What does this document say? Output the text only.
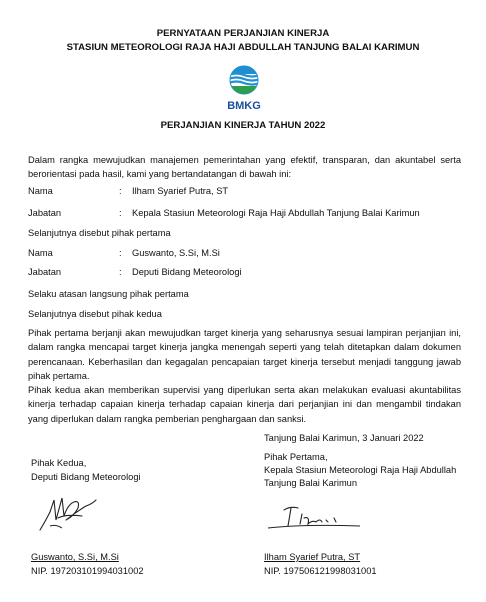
PERNYATAAN PERJANJIAN KINERJA
STASIUN METEOROLOGI RAJA HAJI ABDULLAH TANJUNG BALAI KARIMUN
BMKG
PERJANJIAN KINERJA TAHUN 2022
Dalam rangka mewujudkan manajemen pemerintahan yang efektif, transparan, dan akuntabel serta berorientasi pada hasil, kami yang bertandatangan di bawah ini:
Nama	: Ilham Syarief Putra, ST
Jabatan	: Kepala Stasiun Meteorologi Raja Haji Abdullah Tanjung Balai Karimun
Selanjutnya disebut pihak pertama
Nama	: Guswanto, S.Si, M.Si
Jabatan	: Deputi Bidang Meteorologi
Selaku atasan langsung pihak pertama
Selanjutnya disebut pihak kedua
Pihak pertama berjanji akan mewujudkan target kinerja yang seharusnya sesuai lampiran perjanjian ini, dalam rangka mencapai target kinerja jangka menengah seperti yang telah ditetapkan dalam dokumen perencanaan. Keberhasilan dan kegagalan pencapaian target kinerja tersebut menjadi tanggung jawab pihak pertama.
Pihak kedua akan memberikan supervisi yang diperlukan serta akan melakukan evaluasi akuntabilitas kinerja terhadap capaian kinerja terhadap capaian kinerja dari perjanjian ini dan mengambil tindakan yang diperlukan dalam rangka pemberian penghargaan dan sanksi.
Tanjung Balai Karimun, 3 Januari 2022
Pihak Kedua,
Deputi Bidang Meteorologi
Guswanto, S.Si, M.Si
NIP. 197203101994031002
Pihak Pertama,
Kepala Stasiun Meteorologi Raja Haji Abdullah
Tanjung Balai Karimun
Ilham Syarief Putra, ST
NIP. 197506121998031001
